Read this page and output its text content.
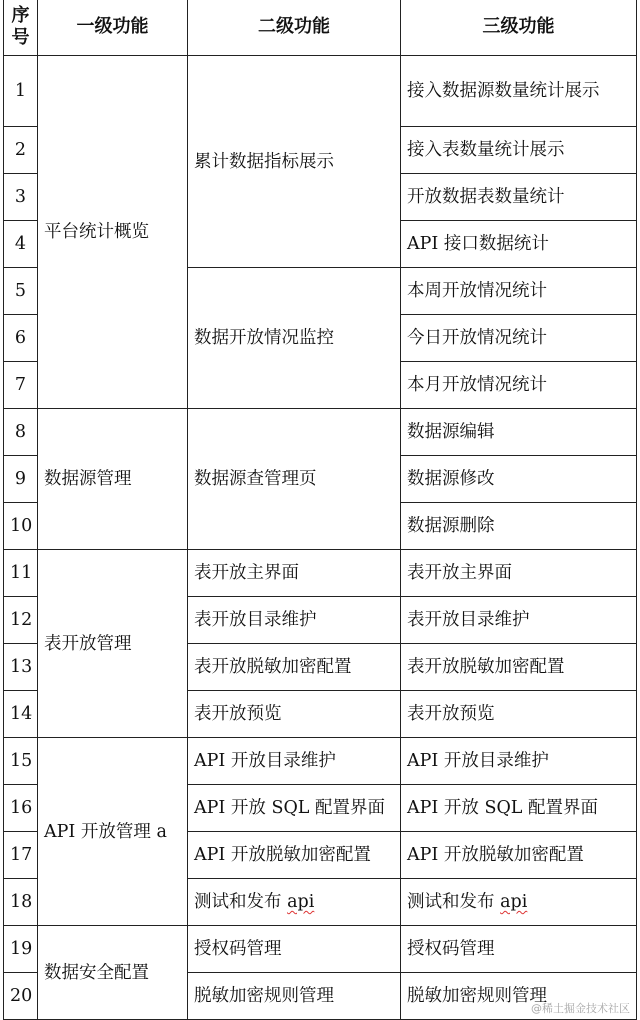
序号	一级功能	二级功能	三级功能
1	平台统计概览	累计数据指标展示	接入数据源数量统计展示
2			接入表数量统计展示
3			开放数据表数量统计
4			API 接口数据统计
5		数据开放情况监控	本周开放情况统计
6			今日开放情况统计
7			本月开放情况统计
8	数据源管理	数据源查管理页	数据源编辑
9			数据源修改
10			数据源删除
11	表开放管理	表开放主界面	表开放主界面
12		表开放目录维护	表开放目录维护
13		表开放脱敏加密配置	表开放脱敏加密配置
14		表开放预览	表开放预览
15	API 开放管理 a	API 开放目录维护	API 开放目录维护
16		API 开放 SQL 配置界面	API 开放 SQL 配置界面
17		API 开放脱敏加密配置	API 开放脱敏加密配置
18		测试和发布 api	测试和发布 api
19	数据安全配置	授权码管理	授权码管理
20		脱敏加密规则管理	脱敏加密规则管理
@稀土掘金技术社区
